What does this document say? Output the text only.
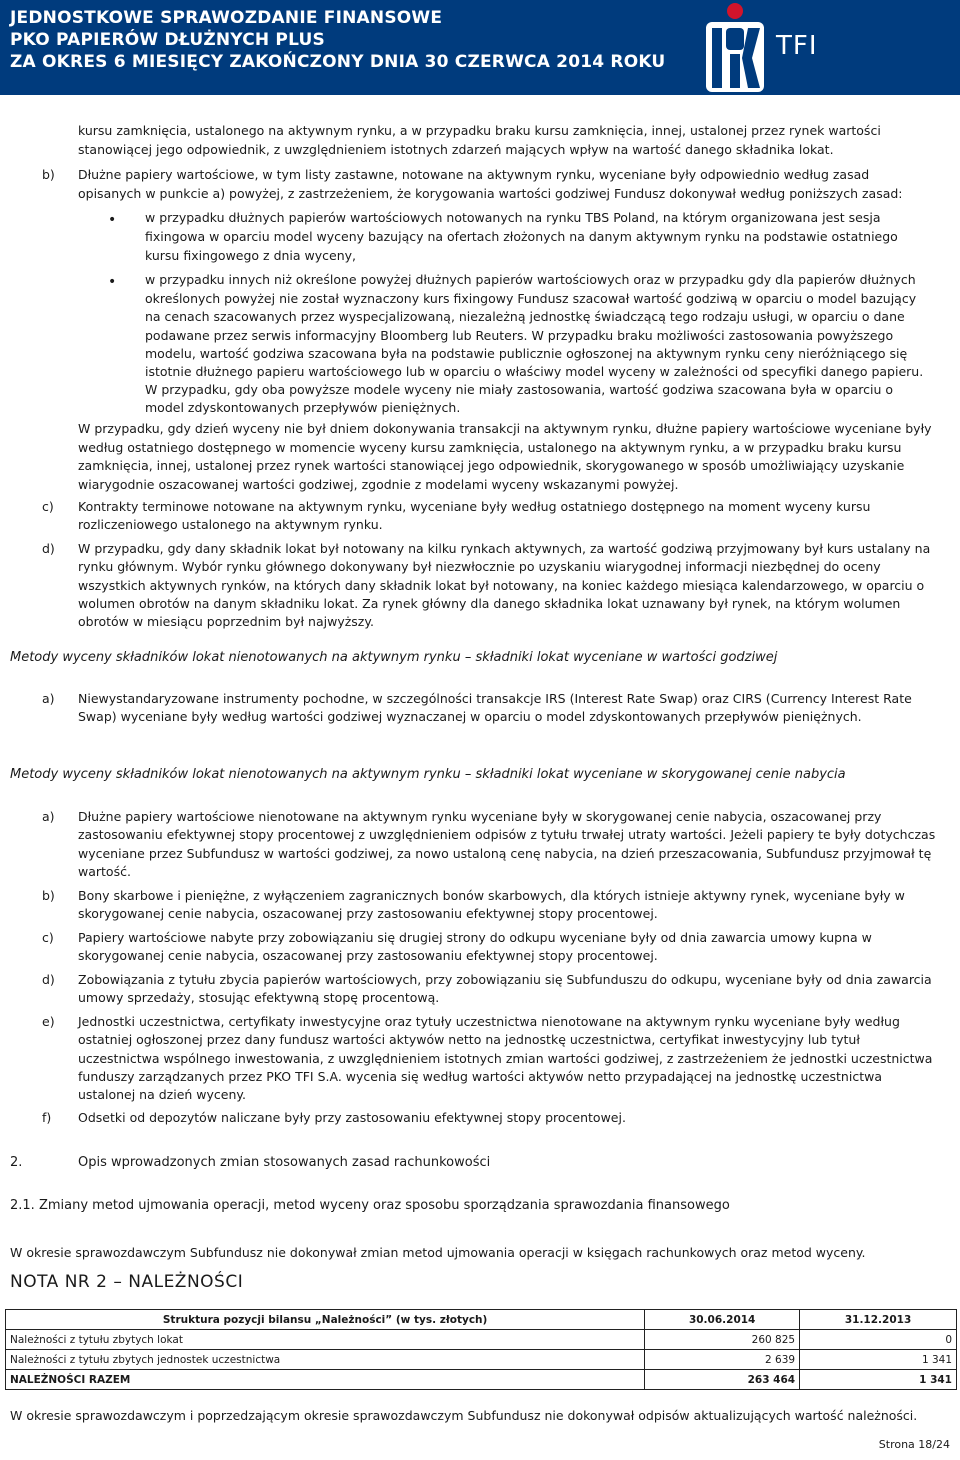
JEDNOSTKOWE SPRAWOZDANIE FINANSOWE
PKO PAPIERÓW DŁUŻNYCH PLUS
ZA OKRES 6 MIESIĘCY ZAKOŃCZONY DNIA 30 CZERWCA 2014 ROKU
TFI
kursu zamknięcia, ustalonego na aktywnym rynku, a w przypadku braku kursu zamknięcia, innej, ustalonej przez rynek wartości
stanowiącej jego odpowiednik, z uwzględnieniem istotnych zdarzeń mających wpływ na wartość danego składnika lokat.
b) Dłużne papiery wartościowe, w tym listy zastawne, notowane na aktywnym rynku, wyceniane były odpowiednio według zasad
opisanych w punkcie a) powyżej, z zastrzeżeniem, że korygowania wartości godziwej Fundusz dokonywał według poniższych zasad:
• w przypadku dłużnych papierów wartościowych notowanych na rynku TBS Poland, na którym organizowana jest sesja
fixingowa w oparciu model wyceny bazujący na ofertach złożonych na danym aktywnym rynku na podstawie ostatniego
kursu fixingowego z dnia wyceny,
• w przypadku innych niż określone powyżej dłużnych papierów wartościowych oraz w przypadku gdy dla papierów dłużnych
określonych powyżej nie został wyznaczony kurs fixingowy Fundusz szacował wartość godziwą w oparciu o model bazujący
na cenach szacowanych przez wyspecjalizowaną, niezależną jednostkę świadczącą tego rodzaju usługi, w oparciu o dane
podawane przez serwis informacyjny Bloomberg lub Reuters. W przypadku braku możliwości zastosowania powyższego
modelu, wartość godziwa szacowana była na podstawie publicznie ogłoszonej na aktywnym rynku ceny nieróżniącego się
istotnie dłużnego papieru wartościowego lub w oparciu o właściwy model wyceny w zależności od specyfiki danego papieru.
W przypadku, gdy oba powyższe modele wyceny nie miały zastosowania, wartość godziwa szacowana była w oparciu o
model zdyskontowanych przepływów pieniężnych.
W przypadku, gdy dzień wyceny nie był dniem dokonywania transakcji na aktywnym rynku, dłużne papiery wartościowe wyceniane były
według ostatniego dostępnego w momencie wyceny kursu zamknięcia, ustalonego na aktywnym rynku, a w przypadku braku kursu
zamknięcia, innej, ustalonej przez rynek wartości stanowiącej jego odpowiednik, skorygowanego w sposób umożliwiający uzyskanie
wiarygodnie oszacowanej wartości godziwej, zgodnie z modelami wyceny wskazanymi powyżej.
c) Kontrakty terminowe notowane na aktywnym rynku, wyceniane były według ostatniego dostępnego na moment wyceny kursu
rozliczeniowego ustalonego na aktywnym rynku.
d) W przypadku, gdy dany składnik lokat był notowany na kilku rynkach aktywnych, za wartość godziwą przyjmowany był kurs ustalany na
rynku głównym. Wybór rynku głównego dokonywany był niezwłocznie po uzyskaniu wiarygodnej informacji niezbędnej do oceny
wszystkich aktywnych rynków, na których dany składnik lokat był notowany, na koniec każdego miesiąca kalendarzowego, w oparciu o
wolumen obrotów na danym składniku lokat. Za rynek główny dla danego składnika lokat uznawany był rynek, na którym wolumen
obrotów w miesiącu poprzednim był najwyższy.
Metody wyceny składników lokat nienotowanych na aktywnym rynku – składniki lokat wyceniane w wartości godziwej
a) Niewystandaryzowane instrumenty pochodne, w szczególności transakcje IRS (Interest Rate Swap) oraz CIRS (Currency Interest Rate
Swap) wyceniane były według wartości godziwej wyznaczanej w oparciu o model zdyskontowanych przepływów pieniężnych.
Metody wyceny składników lokat nienotowanych na aktywnym rynku – składniki lokat wyceniane w skorygowanej cenie nabycia
a) Dłużne papiery wartościowe nienotowane na aktywnym rynku wyceniane były w skorygowanej cenie nabycia, oszacowanej przy
zastosowaniu efektywnej stopy procentowej z uwzględnieniem odpisów z tytułu trwałej utraty wartości. Jeżeli papiery te były dotychczas
wyceniane przez Subfundusz w wartości godziwej, za nowo ustaloną cenę nabycia, na dzień przeszacowania, Subfundusz przyjmował tę
wartość.
b) Bony skarbowe i pieniężne, z wyłączeniem zagranicznych bonów skarbowych, dla których istnieje aktywny rynek, wyceniane były w
skorygowanej cenie nabycia, oszacowanej przy zastosowaniu efektywnej stopy procentowej.
c) Papiery wartościowe nabyte przy zobowiązaniu się drugiej strony do odkupu wyceniane były od dnia zawarcia umowy kupna w
skorygowanej cenie nabycia, oszacowanej przy zastosowaniu efektywnej stopy procentowej.
d) Zobowiązania z tytułu zbycia papierów wartościowych, przy zobowiązaniu się Subfunduszu do odkupu, wyceniane były od dnia zawarcia
umowy sprzedaży, stosując efektywną stopę procentową.
e) Jednostki uczestnictwa, certyfikaty inwestycyjne oraz tytuły uczestnictwa nienotowane na aktywnym rynku wyceniane były według
ostatniej ogłoszonej przez dany fundusz wartości aktywów netto na jednostkę uczestnictwa, certyfikat inwestycyjny lub tytuł
uczestnictwa wspólnego inwestowania, z uwzględnieniem istotnych zmian wartości godziwej, z zastrzeżeniem że jednostki uczestnictwa
funduszy zarządzanych przez PKO TFI S.A. wycenia się według wartości aktywów netto przypadającej na jednostkę uczestnictwa
ustalonej na dzień wyceny.
f) Odsetki od depozytów naliczane były przy zastosowaniu efektywnej stopy procentowej.
2.	Opis wprowadzonych zmian stosowanych zasad rachunkowości
2.1. Zmiany metod ujmowania operacji, metod wyceny oraz sposobu sporządzania sprawozdania finansowego
W okresie sprawozdawczym Subfundusz nie dokonywał zmian metod ujmowania operacji w księgach rachunkowych oraz metod wyceny.
NOTA NR 2 – NALEŻNOŚCI
Struktura pozycji bilansu „Należności” (w tys. złotych)	30.06.2014	31.12.2013
Należności z tytułu zbytych lokat	260 825	0
Należności z tytułu zbytych jednostek uczestnictwa	2 639	1 341
NALEŻNOŚCI RAZEM	263 464	1 341
W okresie sprawozdawczym i poprzedzającym okresie sprawozdawczym Subfundusz nie dokonywał odpisów aktualizujących wartość należności.
Strona 18/24
